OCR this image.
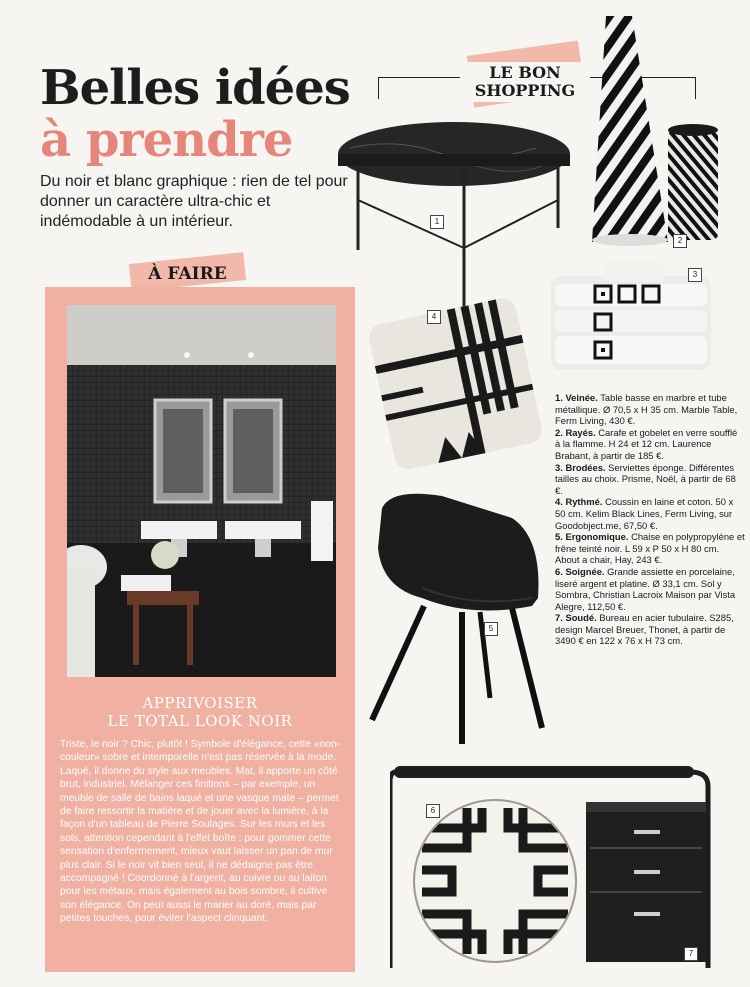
Belles idées
à prendre
Du noir et blanc graphique : rien de tel pour donner un caractère ultra-chic et indémodable à un intérieur.
À FAIRE
APPRIVOISER
LE TOTAL LOOK NOIR
Triste, le noir ? Chic, plutôt ! Symbole d'élégance, cette «non-couleur» sobre et intemporelle n'est pas réservée à la mode. Laqué, il donne du style aux meubles. Mat, il apporte un côté brut, industriel. Mélanger ces finitions – par exemple, un meuble de salle de bains laqué et une vasque mate – permet de faire ressortir la matière et de jouer avec la lumière, à la façon d'un tableau de Pierre Soulages. Sur les murs et les sols, attention cependant à l'effet boîte : pour gommer cette sensation d'enfermement, mieux vaut laisser un pan de mur plus clair. Si le noir vit bien seul, il ne dédaigne pas être accompagné ! Coordonné à l'argent, au cuivre ou au laiton pour les métaux, mais également au bois sombre, il cultive son élégance. On peut aussi le marier au doré, mais par petites touches, pour éviter l'aspect clinquant.
LE BON
SHOPPING
1
2
3
4
5
7
6

1. Veinée. Table basse en marbre et tube métallique. Ø 70,5 x H 35 cm. Marble Table, Ferm Living, 430 €.

2. Rayés. Carafe et gobelet en verre soufflé à la flamme. H 24 et 12 cm. Laurence Brabant, à partir de 185 €.

3. Brodées. Serviettes éponge. Différentes tailles au choix. Prisme, Noël, à partir de 68 €.

4. Rythmé. Coussin en laine et coton. 50 x 50 cm. Kelim Black Lines, Ferm Living, sur Goodobject.me, 67,50 €.

5. Ergonomique. Chaise en polypropylène et frêne teinté noir. L 59 x P 50 x H 80 cm. About a chair, Hay, 243 €.

6. Soignée. Grande assiette en porcelaine, liseré argent et platine. Ø 33,1 cm. Sol y Sombra, Christian Lacroix Maison par Vista Alegre, 112,50 €.

7. Soudé. Bureau en acier tubulaire. S285, design Marcel Breuer, Thonet, à partir de 3490 € en 122 x 76 x H 73 cm.
